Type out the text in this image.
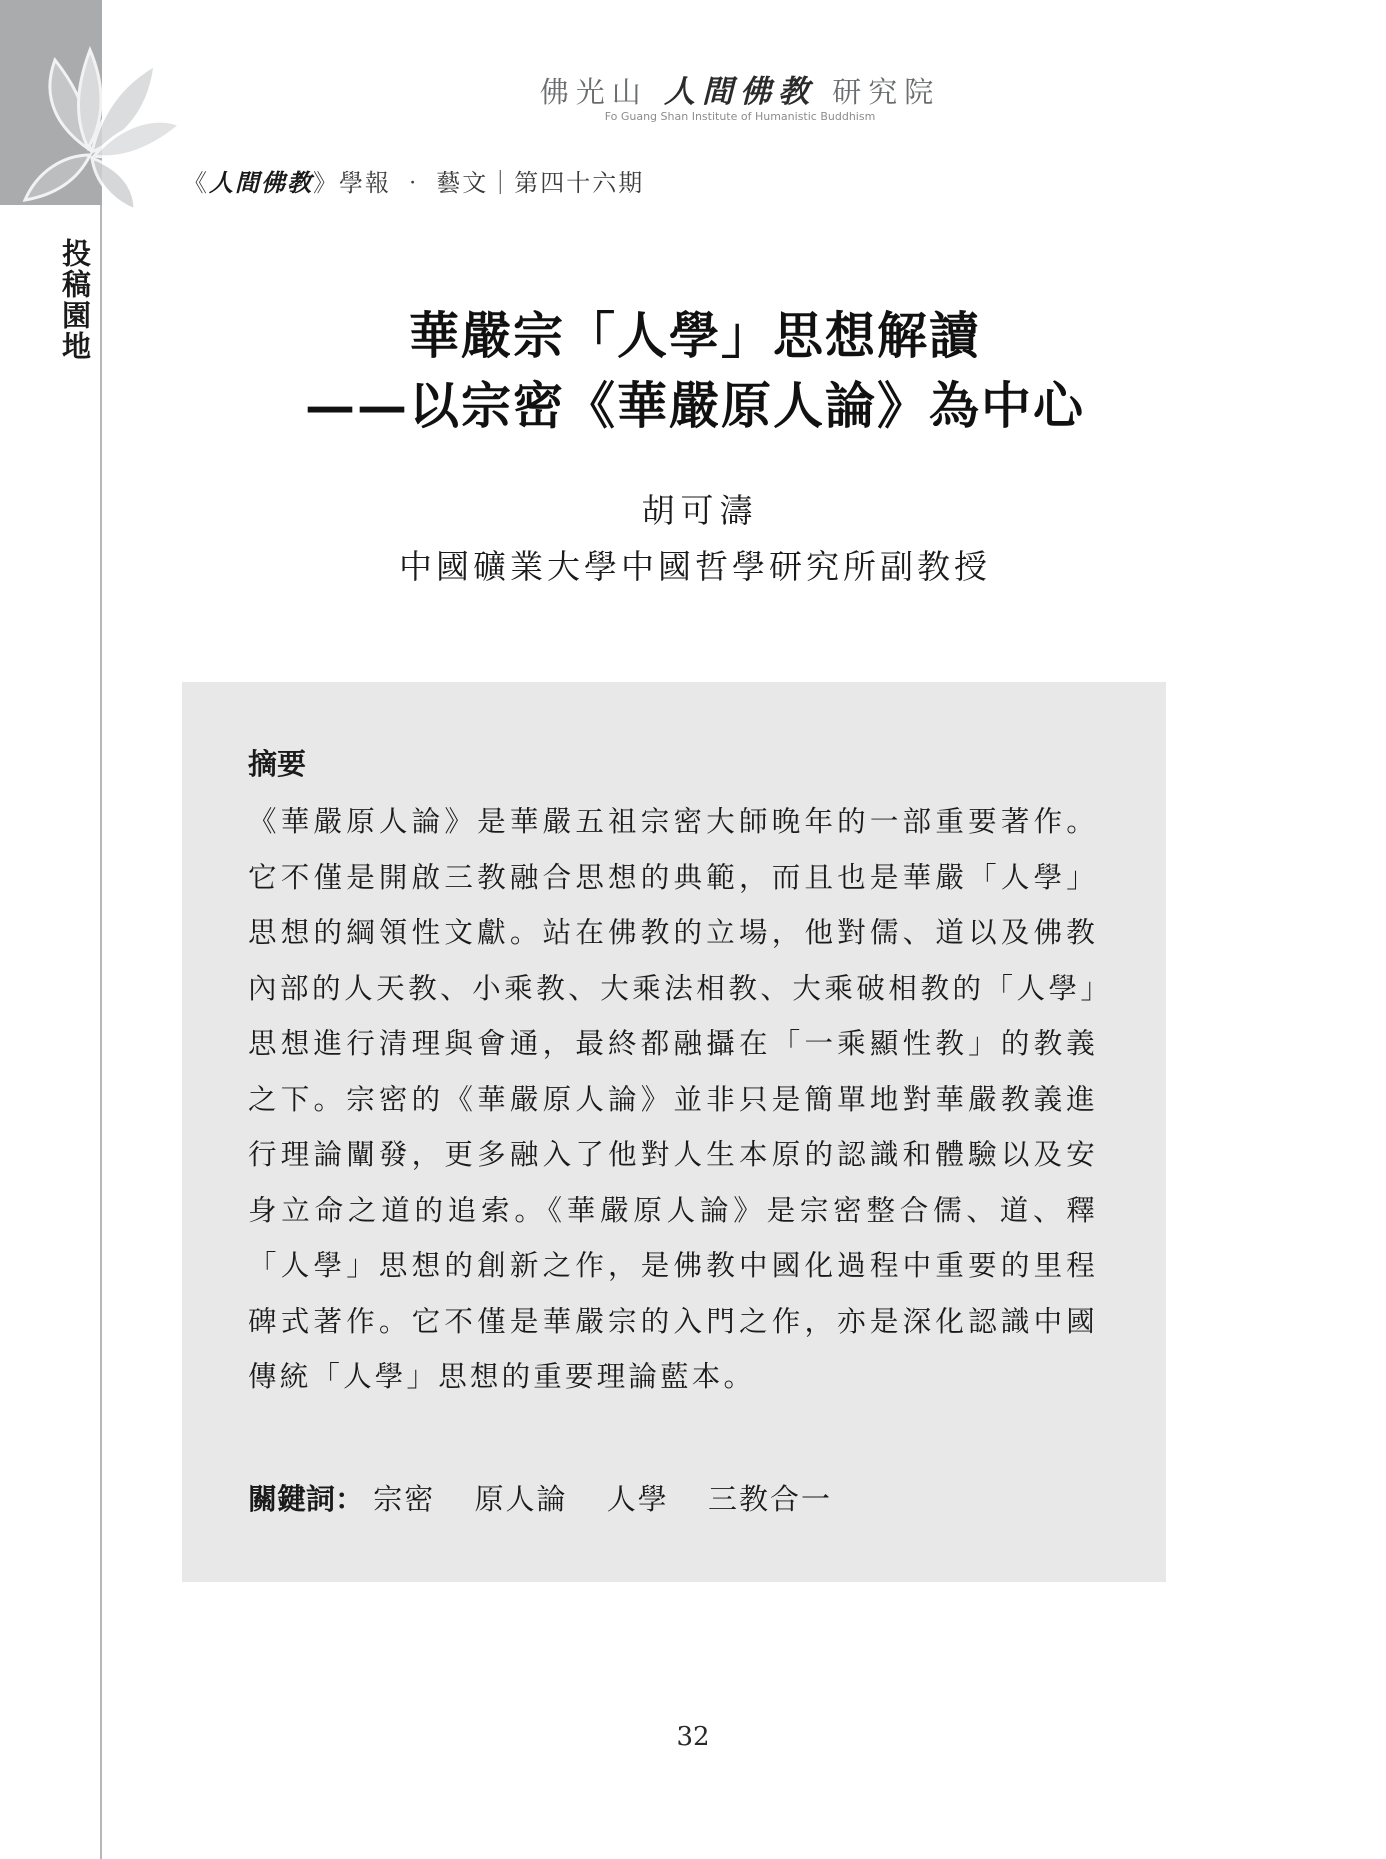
投稿園地
佛光山 人間佛教 研究院
Fo Guang Shan Institute of Humanistic Buddhism
《人間佛教》學報 ‧ 藝文｜第四十六期
華嚴宗「人學」思想解讀
——以宗密《華嚴原人論》為中心
胡可濤
中國礦業大學中國哲學研究所副教授
摘要
《華嚴原人論》是華嚴五祖宗密大師晚年的一部重要著作。它不僅是開啟三教融合思想的典範，而且也是華嚴「人學」思想的綱領性文獻。站在佛教的立場，他對儒、道以及佛教內部的人天教、小乘教、大乘法相教、大乘破相教的「人學」思想進行清理與會通，最終都融攝在「一乘顯性教」的教義之下。宗密的《華嚴原人論》並非只是簡單地對華嚴教義進行理論闡發，更多融入了他對人生本原的認識和體驗以及安身立命之道的追索。《華嚴原人論》是宗密整合儒、道、釋「人學」思想的創新之作，是佛教中國化過程中重要的里程碑式著作。它不僅是華嚴宗的入門之作，亦是深化認識中國傳統「人學」思想的重要理論藍本。
關鍵詞： 宗密 原人論 人學 三教合一
32
